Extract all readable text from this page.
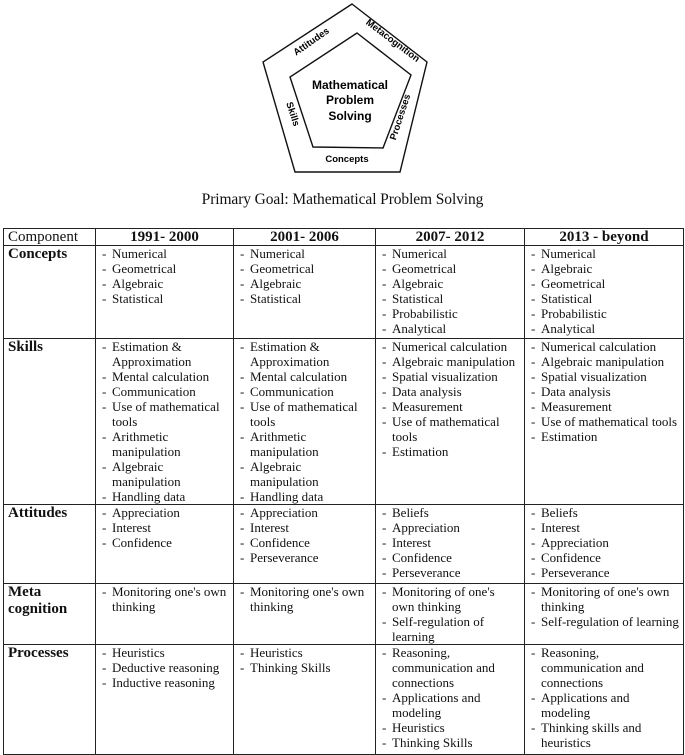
Mathematical
Problem
Solving
Attitudes	Metacognition
Skills	Processes
Concepts
Primary Goal: Mathematical Problem Solving
Component	1991- 2000	2001- 2006	2007- 2012	2013 - beyond
Concepts	
-Numerical
- Geometrical
- Algebraic
- Statistical

- Numerical
- Geometrical
- Algebraic
- Statistical

- Numerical
- Geometrical
- Algebraic
- Statistical
- Probabilistic
- Analytical

- Numerical
- Algebraic
- Geometrical
- Statistical
- Probabilistic
- Analytical

Skills	
-Estimation & Approximation
- Mental calculation
- Communication
- Use of mathematical tools
- Arithmetic manipulation
- Algebraic manipulation
- Handling data

- Estimation & Approximation
- Mental calculation
- Communication
- Use of mathematical tools
- Arithmetic manipulation
- Algebraic manipulation
- Handling data

- Numerical calculation
- Algebraic manipulation
- Spatial visualization
- Data analysis
- Measurement
- Use of mathematical tools
- Estimation

- Numerical calculation
- Algebraic manipulation
- Spatial visualization
- Data analysis
- Measurement
- Use of mathematical tools
- Estimation

Attitudes	
-Appreciation
- Interest
- Confidence

- Appreciation
- Interest
- Confidence
- Perseverance

- Beliefs
- Appreciation
- Interest
- Confidence
- Perseverance

- Beliefs
- Interest
- Appreciation
- Confidence
- Perseverance

Meta cognition	
- Monitoring one's own thinking

- Monitoring one's own thinking

- Monitoring of one's own thinking
- Self-regulation of learning

- Monitoring of one's own thinking
- Self-regulation of learning

Processes	
-Heuristics
- Deductive reasoning
- Inductive reasoning

- Heuristics
- Thinking Skills

- Reasoning, communication and connections
- Applications and modeling
- Heuristics
- Thinking Skills

- Reasoning, communication and connections
- Applications and modeling
- Thinking skills and heuristics
